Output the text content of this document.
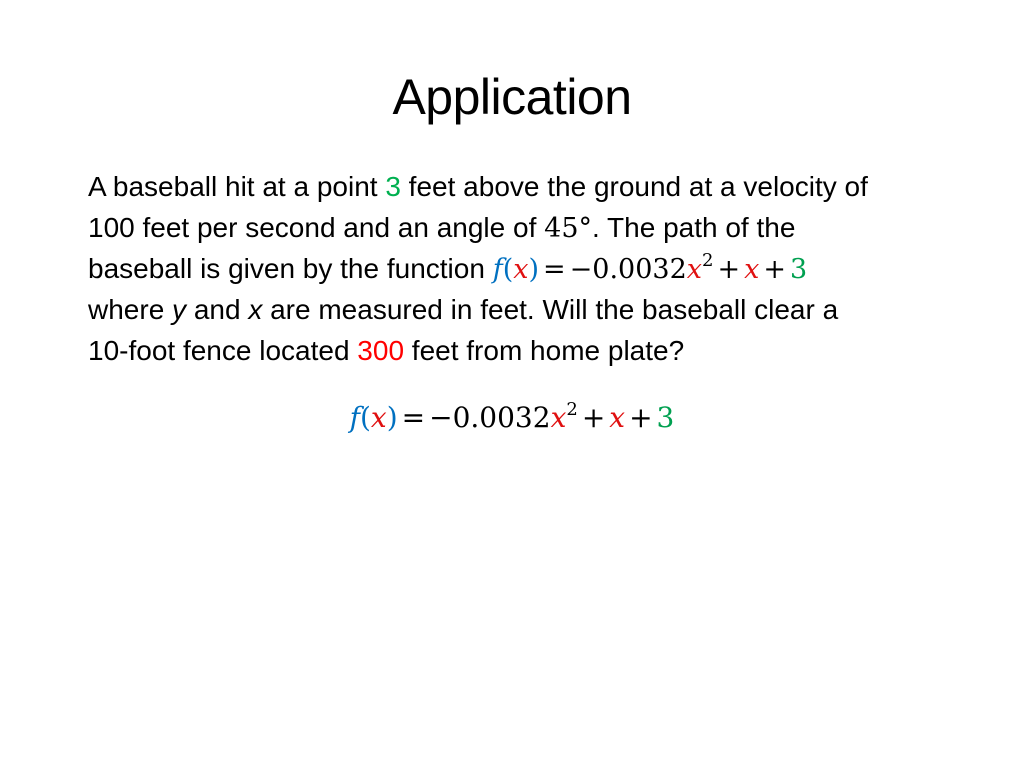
Application
A baseball hit at a point 3 feet above the ground at a velocity of
100 feet per second and an angle of 45°. The path of the
baseball is given by the function $f(x) = -0.0032x^2 + x + 3$
where y and x are measured in feet. Will the baseball clear a
10-foot fence located 300 feet from home plate?
$f(x) = -0.0032x^2 + x + 3$
